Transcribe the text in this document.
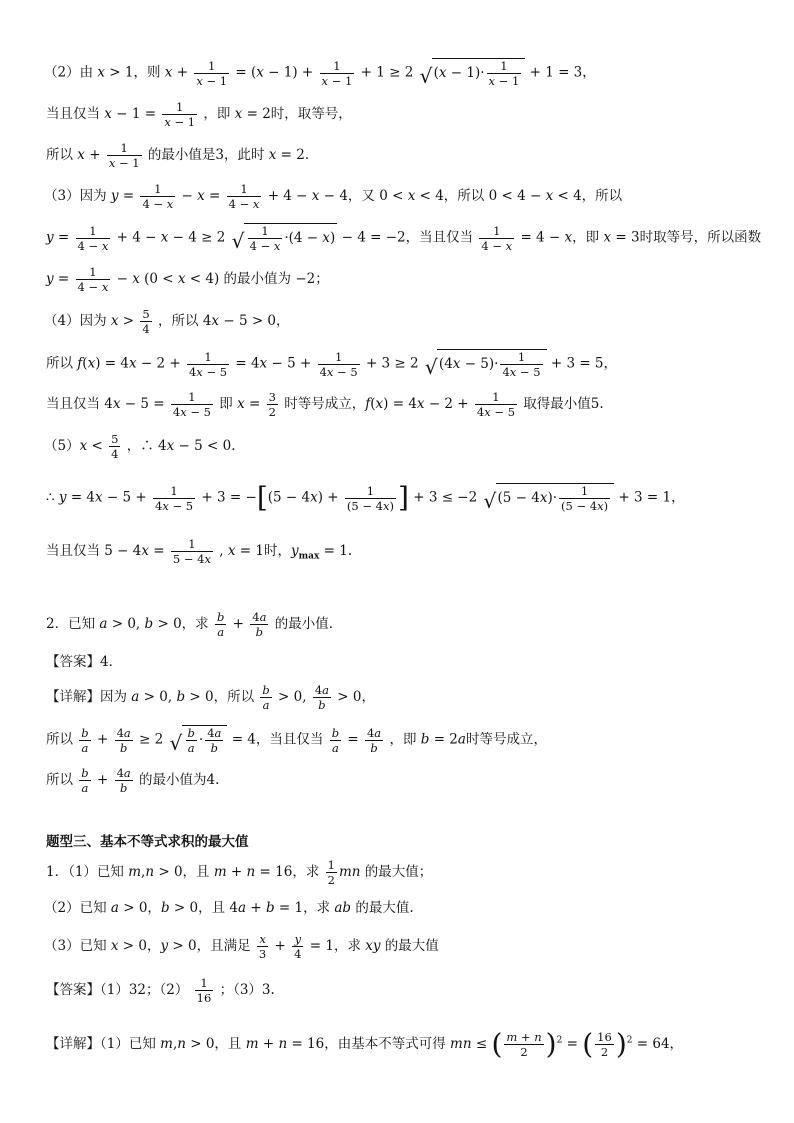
（2）由 x > 1，则 $x + \frac{1}{x - 1} = (x - 1) + \frac{1}{x - 1} + 1 \ge 2$ √ $(x - 1)\cdot \frac{1}{x - 1} + 1 = 3$，
当且仅当 $x - 1 = \frac{1}{x - 1}$ ，即 x = 2时，取等号，
所以 $x + \frac{1}{x - 1}$ 的最小值是3，此时 x = 2.
（3）因为 $y = \frac{1}{4 - x} - x = \frac{1}{4 - x} + 4 - x - 4$，又 0 < x < 4，所以 0 < 4 − x < 4，所以
$y = \frac{1}{4 - x} + 4 - x - 4 \ge 2$ √ $\frac{1}{4 - x} \cdot(4 - x) - 4 = -2$，当且仅当 $\frac{1}{4 - x} = 4 - x$，即 x = 3时取等号，所以函数
$y = \frac{1}{4 - x} - x$ (0 < x < 4) 的最小值为 −2；
（4）因为 $x > \frac{5}{4}$ ，所以 4x − 5 > 0，
所以 $f(x) = 4x - 2 + \frac{1}{4x - 5} = 4x - 5 + \frac{1}{4x - 5} + 3 \ge 2$ √ $(4x - 5)\cdot \frac{1}{4x - 5} + 3 = 5$，
当且仅当 $4x - 5 = \frac{1}{4x - 5}$ 即 $x = \frac{3}{2}$ 时等号成立，$f(x) = 4x - 2 + \frac{1}{4x - 5}$ 取得最小值5.
$(5)x < \frac{5}{4}$ ，∴ 4x − 5 < 0.
∴ $y = 4x - 5 + \frac{1}{4x - 5} + 3 = -[(5 - 4x) + \frac{1}{(5 - 4x)}$ ] + 3 ≤ −2 √ $(5 - 4x)\cdot \frac{1}{(5 - 4x)} + 3 = 1$，
当且仅当 $5 - 4x = \frac{1}{5 - 4x}$ , x = 1时，$y_{max} = 1$.
2．已知 a > 0, b > 0，求 $\frac{b}{a} + \frac{4a}{b}$ 的最小值．
【答案】4．
【详解】因为 a > 0, b > 0，所以 $\frac{b}{a} > 0$, $\frac{4a}{b} > 0$，
所以 $\frac{b}{a} + \frac{4a}{b} \ge 2$ √ $\frac{b}{a} \cdot \frac{4a}{b} = 4$，当且仅当 $\frac{b}{a} = \frac{4a}{b}$ ，即 b = 2a时等号成立，
所以 $\frac{b}{a} + \frac{4a}{b}$ 的最小值为4.
题型三、基本不等式求积的最大值
1．（1）已知 m,n > 0，且 m + n = 16，求 $\frac{1}{2}$ mn 的最大值；
（2）已知 a > 0，b > 0，且 4a + b = 1，求 ab 的最大值.
（3）已知 x > 0，y > 0，且满足 $\frac{x}{3} + \frac{y}{4} = 1$，求 xy 的最大值
【答案】（1）32；$(2) \frac{1}{16}$ ；（3）3.
【详解】（1）已知 m,n > 0，且 m + n = 16，由基本不等式可得 mn ≤ ( $\frac{m + n}{2} )^2$ = ( $\frac{16}{2} )^2 = 64$，
